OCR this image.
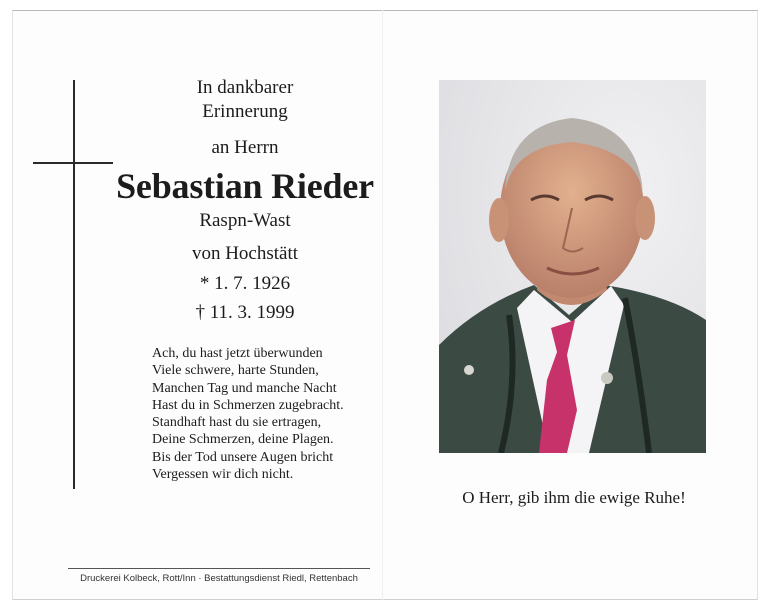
In dankbarer
Erinnerung
an Herrn
Sebastian Rieder
Raspn-Wast
von Hochstätt
* 1. 7. 1926
† 11. 3. 1999
Ach, du hast jetzt überwunden
Viele schwere, harte Stunden,
Manchen Tag und manche Nacht
Hast du in Schmerzen zugebracht.
Standhaft hast du sie ertragen,
Deine Schmerzen, deine Plagen.
Bis der Tod unsere Augen bricht
Vergessen wir dich nicht.
O Herr, gib ihm die ewige Ruhe!
Druckerei Kolbeck, Rott/Inn · Bestattungsdienst Riedl, Rettenbach
